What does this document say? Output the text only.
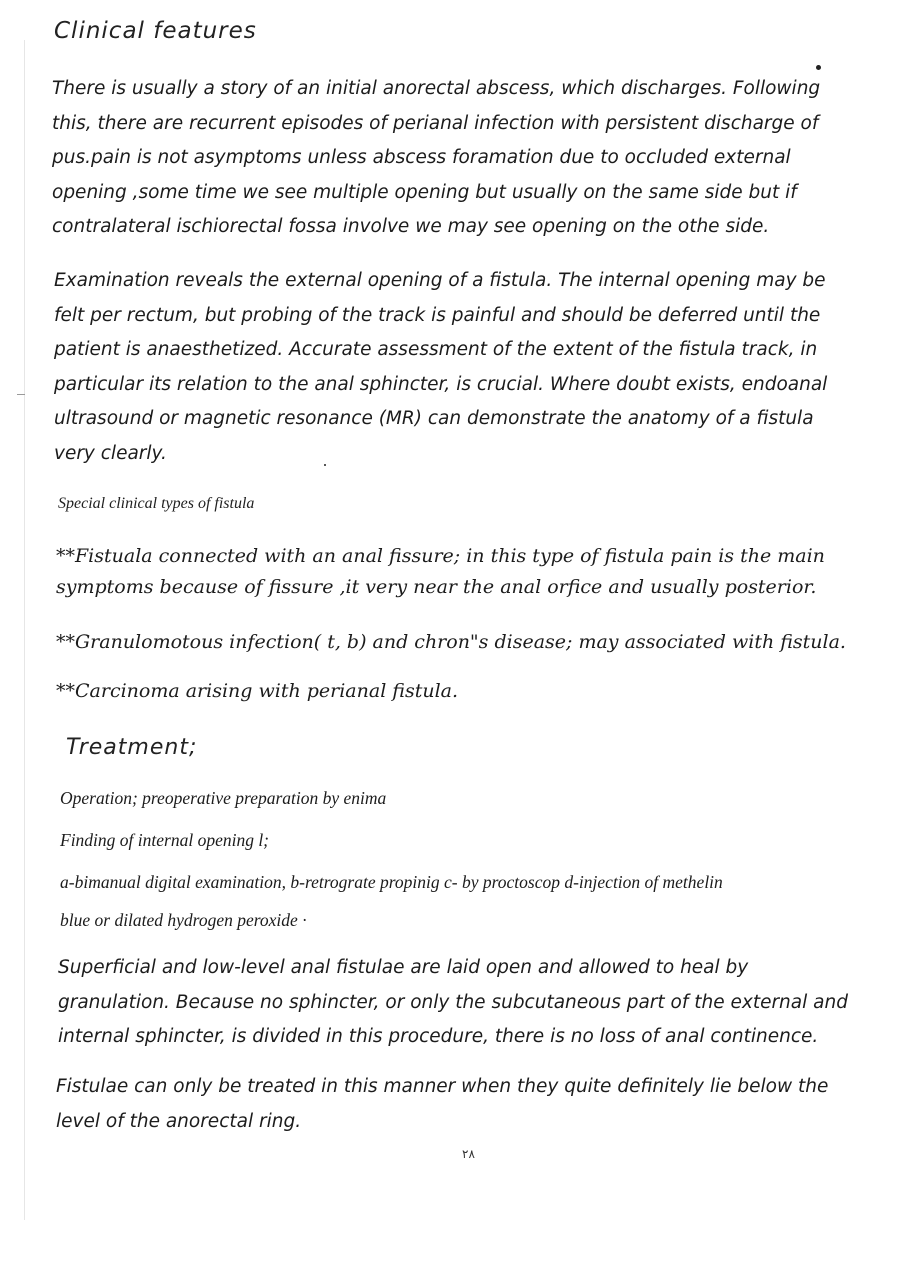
Clinical features
There is usually a story of an initial anorectal abscess, which discharges. Following
this, there are recurrent episodes of perianal infection with persistent discharge of
pus.pain is not asymptoms unless abscess foramation due to occluded external
opening ,some time we see multiple opening but usually on the same side but if
contralateral ischiorectal fossa involve we may see opening on the othe side.
Examination reveals the external opening of a fistula. The internal opening may be
felt per rectum, but probing of the track is painful and should be deferred until the
patient is anaesthetized. Accurate assessment of the extent of the fistula track, in
particular its relation to the anal sphincter, is crucial. Where doubt exists, endoanal
ultrasound or magnetic resonance (MR) can demonstrate the anatomy of a fistula
very clearly.
Special clinical types of fistula
**Fistuala connected with an anal fissure; in this type of fistula pain is the main
symptoms because of fissure ,it very near the anal orfice and usually posterior.
**Granulomotous infection( t, b) and chron"s disease; may associated with fistula.
**Carcinoma arising with perianal fistula.
Treatment;
Operation; preoperative preparation by enima
Finding of internal opening l;
a-bimanual digital examination, b-retrograte propinig c- by proctoscop d-injection of methelin
blue or dilated hydrogen peroxide ·
Superficial and low-level anal fistulae are laid open and allowed to heal by
granulation. Because no sphincter, or only the subcutaneous part of the external and
internal sphincter, is divided in this procedure, there is no loss of anal continence.
Fistulae can only be treated in this manner when they quite definitely lie below the
level of the anorectal ring.
٢٨
